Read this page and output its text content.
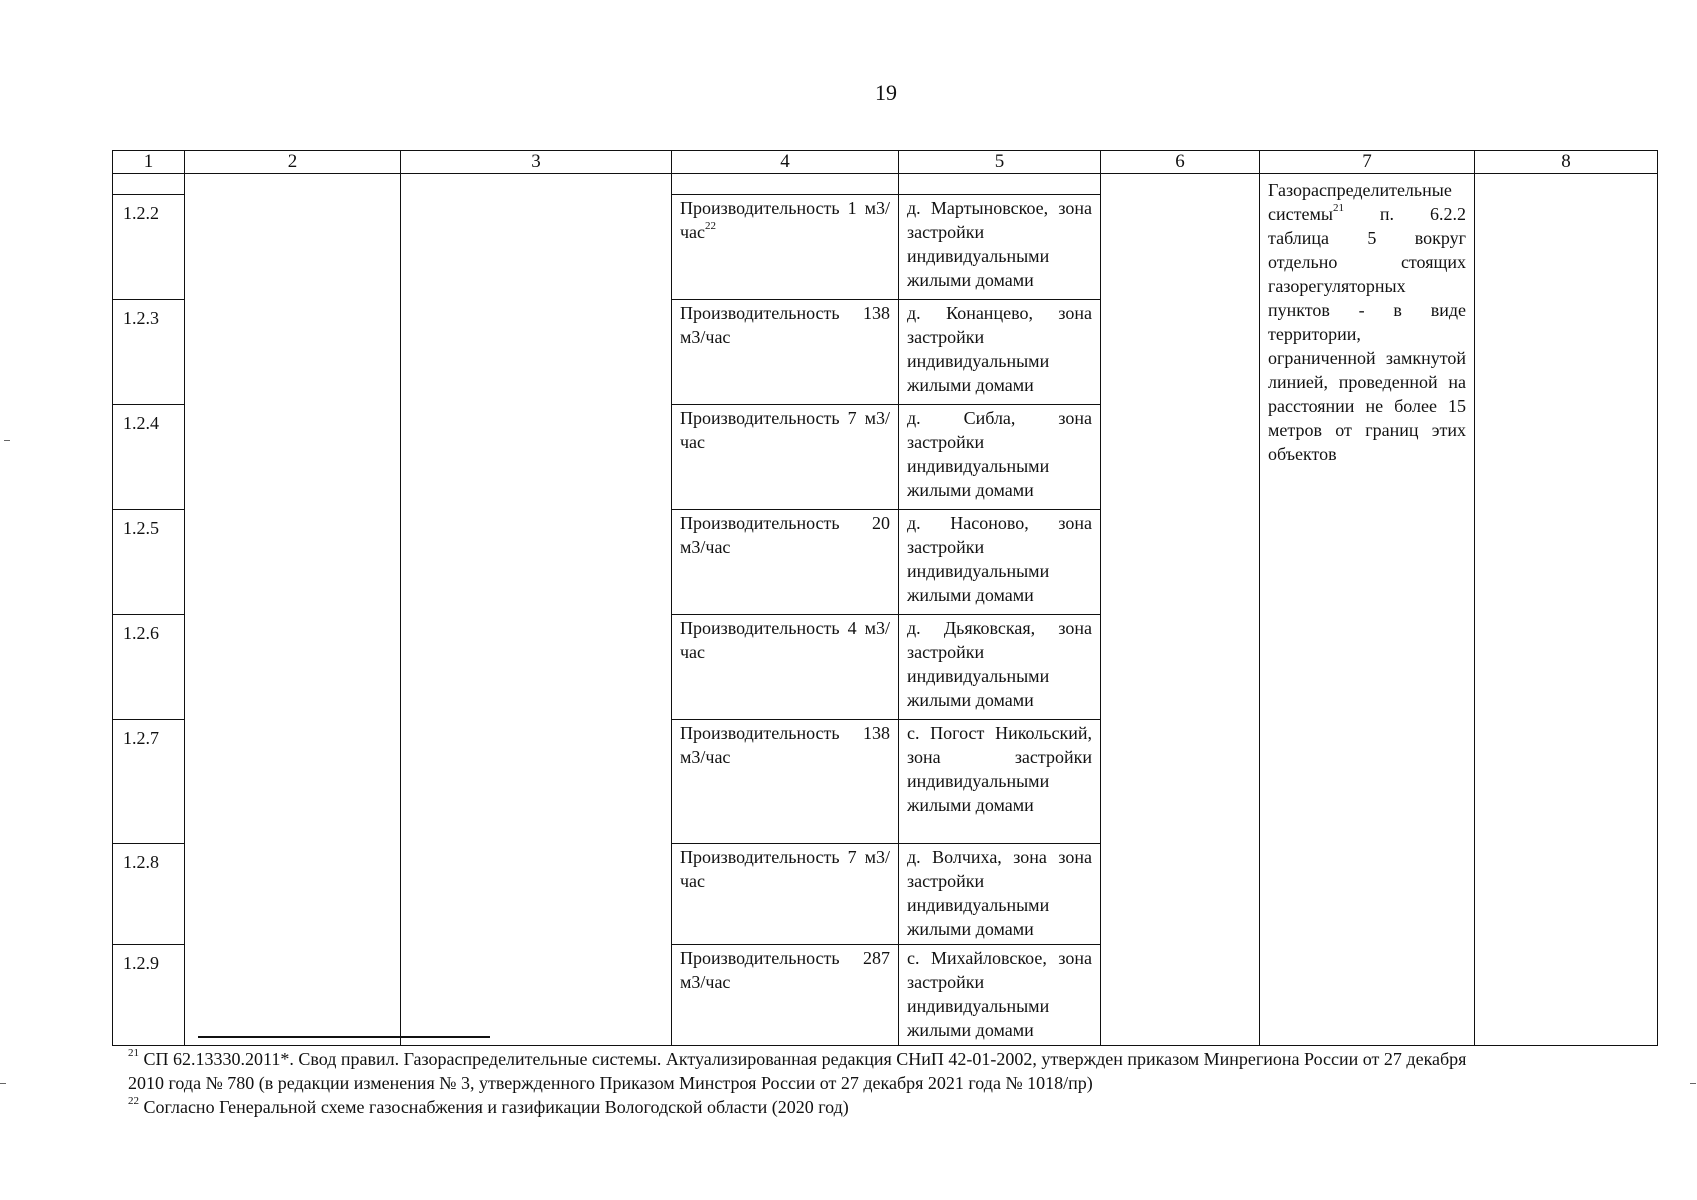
19
1	2	3	4	5	6	7	8
						Газораспределительные системы$^{21}$ п. 6.2.2 таблица 5 вокруг отдельно стоящих газорегуляторных пунктов - в виде территории, ограниченной замкнутой линией, проведенной на расстоянии не более 15 метров от границ этих объектов	
1.2.2			Производительность 1 м3/час$^{22}$	д. Мартыновское, зона застройки индивидуальными жилыми домами			
1.2.3			Производительность 138 м3/час	д. Конанцево, зона застройки индивидуальными жилыми домами			
1.2.4			Производительность 7 м3/час	д. Сибла, зона застройки индивидуальными жилыми домами			
1.2.5			Производительность 20 м3/час	д. Насоново, зона застройки индивидуальными жилыми домами			
1.2.6			Производительность 4 м3/час	д. Дьяковская, зона застройки индивидуальными жилыми домами			
1.2.7			Производительность 138 м3/час	с. Погост Никольский, зона застройки индивидуальными жилыми домами			
1.2.8			Производительность 7 м3/час	д. Волчиха, зона зона застройки индивидуальными жилыми домами			
1.2.9			Производительность 287 м3/час	с. Михайловское, зона застройки индивидуальными жилыми домами			

$^{21}$ СП 62.13330.2011*. Свод правил. Газораспределительные системы. Актуализированная редакция СНиП 42-01-2002, утвержден приказом Минрегиона России от 27 декабря

2010 года № 780 (в редакции изменения № 3, утвержденного Приказом Минстроя России от 27 декабря 2021 года № 1018/пр)

$^{22}$ Согласно Генеральной схеме газоснабжения и газификации Вологодской области (2020 год)
